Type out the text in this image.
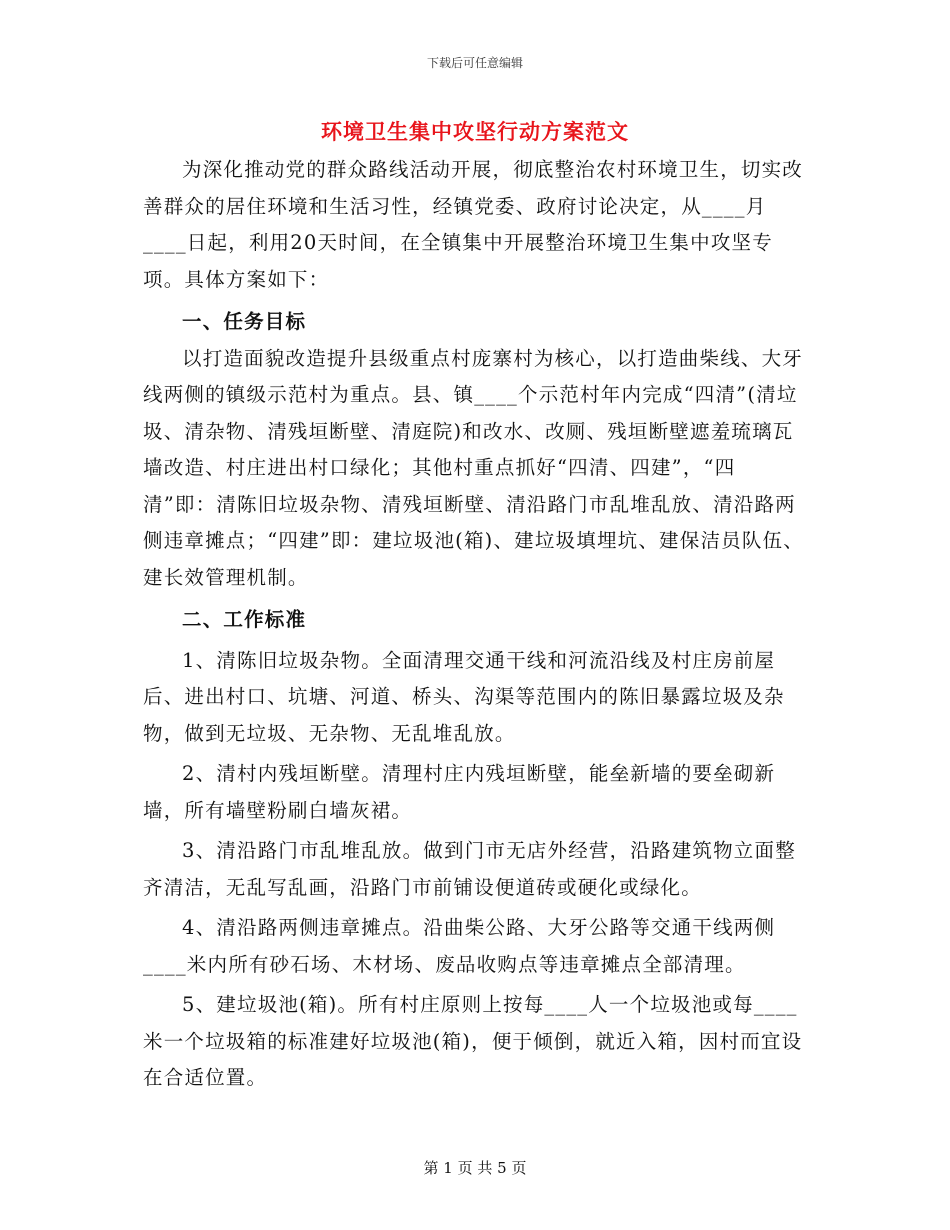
下载后可任意编辑
环境卫生集中攻坚行动方案范文

为深化推动党的群众路线活动开展，彻底整治农村环境卫生，切实改善群众的居住环境和生活习性，经镇党委、政府讨论决定，从____月____日起，利用20天时间，在全镇集中开展整治环境卫生集中攻坚专项。具体方案如下：

一、任务目标

以打造面貌改造提升县级重点村庞寨村为核心，以打造曲柴线、大牙线两侧的镇级示范村为重点。县、镇____个示范村年内完成“四清”(清垃圾、清杂物、清残垣断壁、清庭院)和改水、改厕、残垣断壁遮羞琉璃瓦墙改造、村庄进出村口绿化；其他村重点抓好“四清、四建”，“四清”即：清陈旧垃圾杂物、清残垣断壁、清沿路门市乱堆乱放、清沿路两侧违章摊点；“四建”即：建垃圾池(箱)、建垃圾填埋坑、建保洁员队伍、建长效管理机制。

二、工作标准

1、清陈旧垃圾杂物。全面清理交通干线和河流沿线及村庄房前屋后、进出村口、坑塘、河道、桥头、沟渠等范围内的陈旧暴露垃圾及杂物，做到无垃圾、无杂物、无乱堆乱放。

2、清村内残垣断壁。清理村庄内残垣断壁，能垒新墙的要垒砌新墙，所有墙壁粉刷白墙灰裙。

3、清沿路门市乱堆乱放。做到门市无店外经营，沿路建筑物立面整齐清洁，无乱写乱画，沿路门市前铺设便道砖或硬化或绿化。

4、清沿路两侧违章摊点。沿曲柴公路、大牙公路等交通干线两侧____米内所有砂石场、木材场、废品收购点等违章摊点全部清理。

5、建垃圾池(箱)。所有村庄原则上按每____人一个垃圾池或每____米一个垃圾箱的标准建好垃圾池(箱)，便于倾倒，就近入箱，因村而宜设在合适位置。

第 1 页 共 5 页
